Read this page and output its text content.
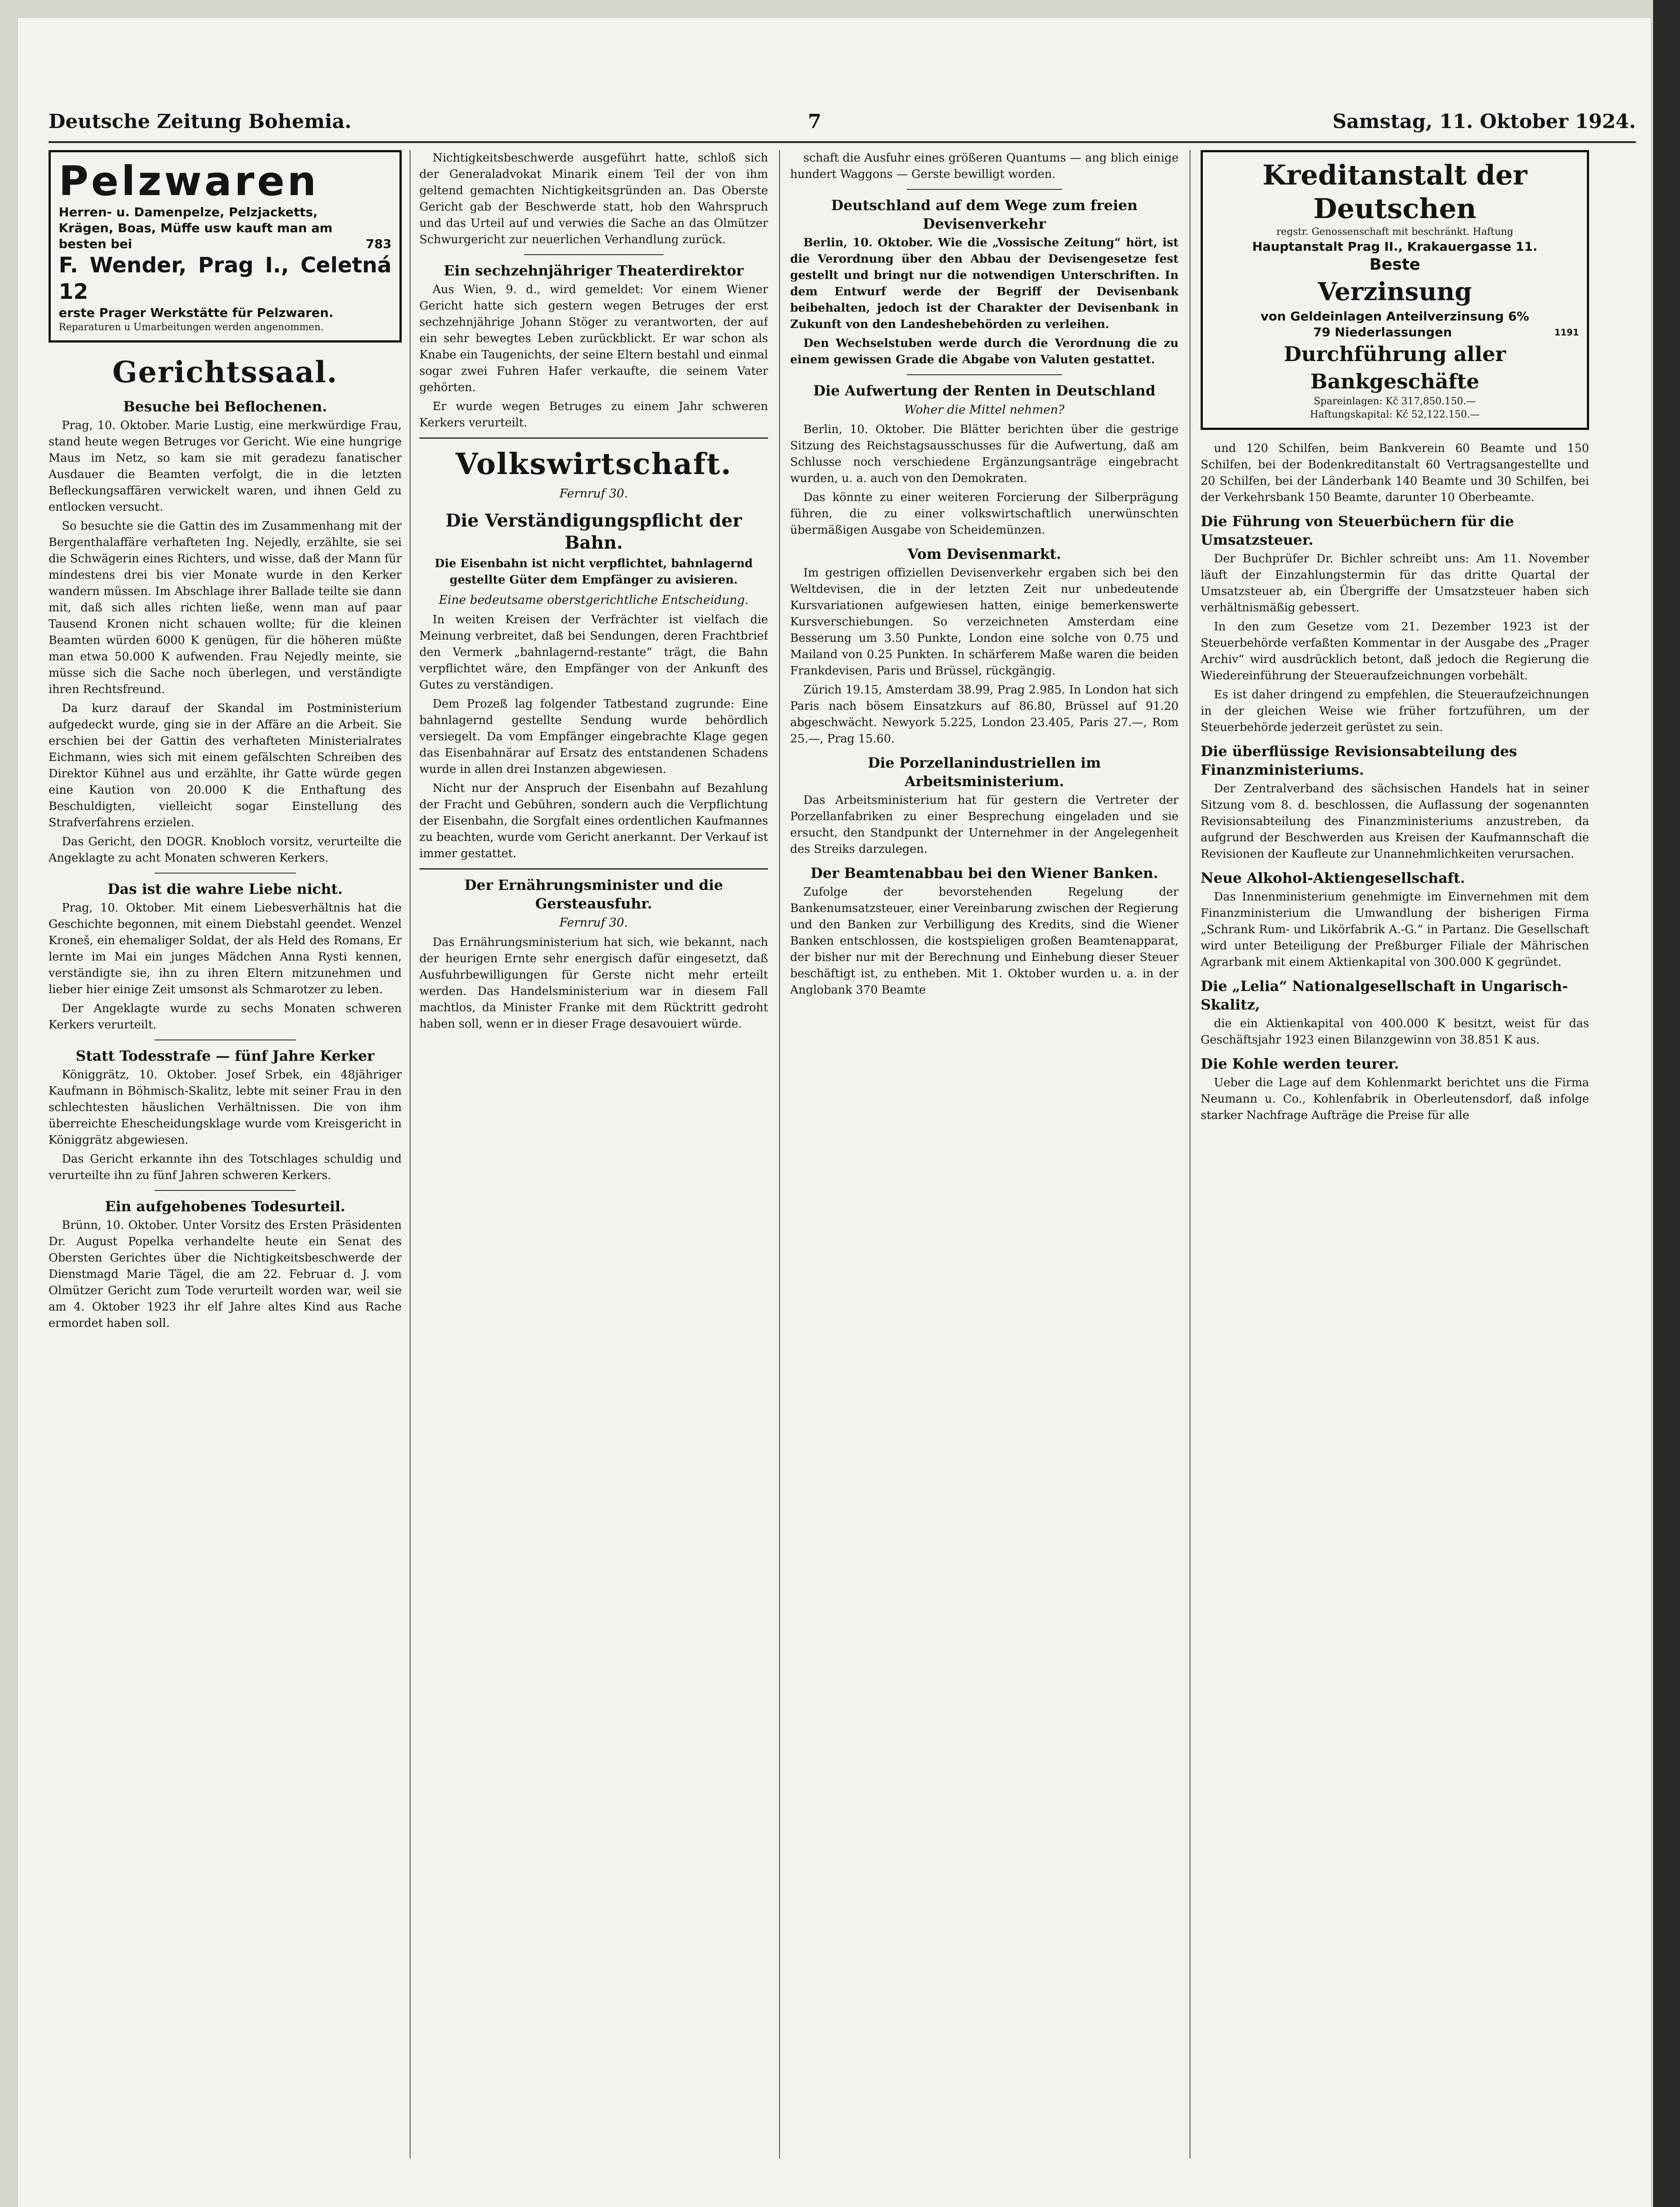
Deutsche Zeitung Bohemia.	7	Samstag, 11. Oktober 1924.
Pelzwaren
Herren- u. Damenpelze, Pelzjacketts,
Krägen, Boas, Müffe usw kauft man am
besten bei	783
F. Wender, Prag I., Celetná 12
erste Prager Werkstätte für Pelzwaren.
Reparaturen u Umarbeitungen werden angenommen.
Gerichtssaal.
Besuche bei Beflochenen.

Prag, 10. Oktober. Marie Lustig, eine merkwürdige Frau, stand heute wegen Betruges vor Gericht. Wie eine hungrige Maus im Netz, so kam sie mit geradezu fanatischer Ausdauer die Beamten verfolgt, die in die letzten Befleckungsaffären verwickelt waren, und ihnen Geld zu entlocken versucht.

So besuchte sie die Gattin des im Zusammenhang mit der Bergenthalaffäre verhafteten Ing. Nejedly, erzählte, sie sei die Schwägerin eines Richters, und wisse, daß der Mann für mindestens drei bis vier Monate wurde in den Kerker wandern müssen. Im Abschlage ihrer Ballade teilte sie dann mit, daß sich alles richten ließe, wenn man auf paar Tausend Kronen nicht schauen wollte; für die kleinen Beamten würden 6000 K genügen, für die höheren müßte man etwa 50.000 K aufwenden. Frau Nejedly meinte, sie müsse sich die Sache noch überlegen, und verständigte ihren Rechtsfreund.

Da kurz darauf der Skandal im Postministerium aufgedeckt wurde, ging sie in der Affäre an die Arbeit. Sie erschien bei der Gattin des verhafteten Ministerialrates Eichmann, wies sich mit einem gefälschten Schreiben des Direktor Kühnel aus und erzählte, ihr Gatte würde gegen eine Kaution von 20.000 K die Enthaftung des Beschuldigten, vielleicht sogar Einstellung des Strafverfahrens erzielen.

Das Gericht, den DOGR. Knobloch vorsitz, verurteilte die Angeklagte zu acht Monaten schweren Kerkers.

Das ist die wahre Liebe nicht.

Prag, 10. Oktober. Mit einem Liebesverhältnis hat die Geschichte begonnen, mit einem Diebstahl geendet. Wenzel Kroneš, ein ehemaliger Soldat, der als Held des Romans, Er lernte im Mai ein junges Mädchen Anna Rysti kennen, verständigte sie, ihn zu ihren Eltern mitzunehmen und lieber hier einige Zeit umsonst als Schmarotzer zu leben.

Der Angeklagte wurde zu sechs Monaten schweren Kerkers verurteilt.

Statt Todesstrafe — fünf Jahre Kerker

Königgrätz, 10. Oktober. Josef Srbek, ein 48jähriger Kaufmann in Böhmisch-Skalitz, lebte mit seiner Frau in den schlechtesten häuslichen Verhältnissen. Die von ihm überreichte Ehescheidungsklage wurde vom Kreisgericht in Königgrätz abgewiesen.

Das Gericht erkannte ihn des Totschlages schuldig und verurteilte ihn zu fünf Jahren schweren Kerkers.

Ein aufgehobenes Todesurteil.

Brünn, 10. Oktober. Unter Vorsitz des Ersten Präsidenten Dr. August Popelka verhandelte heute ein Senat des Obersten Gerichtes über die Nichtigkeitsbeschwerde der Dienstmagd Marie Tägel, die am 22. Februar d. J. vom Olmützer Gericht zum Tode verurteilt worden war, weil sie am 4. Oktober 1923 ihr elf Jahre altes Kind aus Rache ermordet haben soll.

Nichtigkeitsbeschwerde ausgeführt hatte, schloß sich der Generaladvokat Minarik einem Teil der von ihm geltend gemachten Nichtigkeitsgründen an. Das Oberste Gericht gab der Beschwerde statt, hob den Wahrspruch und das Urteil auf und verwies die Sache an das Olmützer Schwurgericht zur neuerlichen Verhandlung zurück.

Ein sechzehnjähriger Theaterdirektor

Aus Wien, 9. d., wird gemeldet: Vor einem Wiener Gericht hatte sich gestern wegen Betruges der erst sechzehnjährige Johann Stöger zu verantworten, der auf ein sehr bewegtes Leben zurückblickt. Er war schon als Knabe ein Taugenichts, der seine Eltern bestahl und einmal sogar zwei Fuhren Hafer verkaufte, die seinem Vater gehörten.

Er wurde wegen Betruges zu einem Jahr schweren Kerkers verurteilt.

Volkswirtschaft.
Fernruf 30.
Die Verständigungspflicht der Bahn.
Die Eisenbahn ist nicht verpflichtet, bahnlagernd gestellte Güter dem Empfänger zu avisieren.
Eine bedeutsame oberstgerichtliche Entscheidung.

In weiten Kreisen der Verfrächter ist vielfach die Meinung verbreitet, daß bei Sendungen, deren Frachtbrief den Vermerk „bahnlagernd-restante“ trägt, die Bahn verpflichtet wäre, den Empfänger von der Ankunft des Gutes zu verständigen.

Dem Prozeß lag folgender Tatbestand zugrunde: Eine bahnlagernd gestellte Sendung wurde behördlich versiegelt. Da vom Empfänger eingebrachte Klage gegen das Eisenbahnärar auf Ersatz des entstandenen Schadens wurde in allen drei Instanzen abgewiesen.

Nicht nur der Anspruch der Eisenbahn auf Bezahlung der Fracht und Gebühren, sondern auch die Verpflichtung der Eisenbahn, die Sorgfalt eines ordentlichen Kaufmannes zu beachten, wurde vom Gericht anerkannt. Der Verkauf ist immer gestattet.

Der Ernährungsminister und die Gersteausfuhr.
Fernruf 30.

Das Ernährungsministerium hat sich, wie bekannt, nach der heurigen Ernte sehr energisch dafür eingesetzt, daß Ausfuhrbewilligungen für Gerste nicht mehr erteilt werden. Das Handelsministerium war in diesem Fall machtlos, da Minister Franke mit dem Rücktritt gedroht haben soll, wenn er in dieser Frage desavouiert würde.

schaft die Ausfuhr eines größeren Quantums — ang blich einige hundert Waggons — Gerste bewilligt worden.

Deutschland auf dem Wege zum freien Devisenverkehr

Berlin, 10. Oktober. Wie die „Vossische Zeitung“ hört, ist die Verordnung über den Abbau der Devisengesetze fest gestellt und bringt nur die notwendigen Unterschriften. In dem Entwurf werde der Begriff der Devisenbank beibehalten, jedoch ist der Charakter der Devisenbank in Zukunft von den Landeshebehörden zu verleihen.

Den Wechselstuben werde durch die Verordnung die zu einem gewissen Grade die Abgabe von Valuten gestattet.

Die Aufwertung der Renten in Deutschland
Woher die Mittel nehmen?

Berlin, 10. Oktober. Die Blätter berichten über die gestrige Sitzung des Reichstagsausschusses für die Aufwertung, daß am Schlusse noch verschiedene Ergänzungsanträge eingebracht wurden, u. a. auch von den Demokraten.

Das könnte zu einer weiteren Forcierung der Silberprägung führen, die zu einer volkswirtschaftlich unerwünschten übermäßigen Ausgabe von Scheidemünzen.

Vom Devisenmarkt.

Im gestrigen offiziellen Devisenverkehr ergaben sich bei den Weltdevisen, die in der letzten Zeit nur unbedeutende Kursvariationen aufgewiesen hatten, einige bemerkenswerte Kursverschiebungen. So verzeichneten Amsterdam eine Besserung um 3.50 Punkte, London eine solche von 0.75 und Mailand von 0.25 Punkten. In schärferem Maße waren die beiden Frankdevisen, Paris und Brüssel, rückgängig.

Zürich 19.15, Amsterdam 38.99, Prag 2.985. In London hat sich Paris nach bösem Einsatzkurs auf 86.80, Brüssel auf 91.20 abgeschwächt. Newyork 5.225, London 23.405, Paris 27.—, Rom 25.—, Prag 15.60.

Die Porzellanindustriellen im Arbeitsministerium.

Das Arbeitsministerium hat für gestern die Vertreter der Porzellanfabriken zu einer Besprechung eingeladen und sie ersucht, den Standpunkt der Unternehmer in der Angelegenheit des Streiks darzulegen.

Der Beamtenabbau bei den Wiener Banken.

Zufolge der bevorstehenden Regelung der Bankenumsatzsteuer, einer Vereinbarung zwischen der Regierung und den Banken zur Verbilligung des Kredits, sind die Wiener Banken entschlossen, die kostspieligen großen Beamtenapparat, der bisher nur mit der Berechnung und Einhebung dieser Steuer beschäftigt ist, zu entheben. Mit 1. Oktober wurden u. a. in der Anglobank 370 Beamte

Kreditanstalt der Deutschen
regstr. Genossenschaft mit beschränkt. Haftung
Hauptanstalt Prag II., Krakauergasse 11.
Beste
Verzinsung
von Geldeinlagen Anteilverzinsung 6%
79 Niederlassungen	1191
Durchführung aller Bankgeschäfte
Spareinlagen: Kč 317,850.150.—
Haftungskapital: Kč 52,122.150.—

und 120 Schilfen, beim Bankverein 60 Beamte und 150 Schilfen, bei der Bodenkreditanstalt 60 Vertragsangestellte und 20 Schilfen, bei der Länderbank 140 Beamte und 30 Schilfen, bei der Verkehrsbank 150 Beamte, darunter 10 Oberbeamte.

Die Führung von Steuerbüchern für die Umsatzsteuer.

Der Buchprüfer Dr. Bichler schreibt uns: Am 11. November läuft der Einzahlungstermin für das dritte Quartal der Umsatzsteuer ab, ein Übergriffe der Umsatzsteuer haben sich verhältnismäßig gebessert.

In den zum Gesetze vom 21. Dezember 1923 ist der Steuerbehörde verfaßten Kommentar in der Ausgabe des „Prager Archiv“ wird ausdrücklich betont, daß jedoch die Regierung die Wiedereinführung der Steueraufzeichnungen vorbehält.

Es ist daher dringend zu empfehlen, die Steueraufzeichnungen in der gleichen Weise wie früher fortzuführen, um der Steuerbehörde jederzeit gerüstet zu sein.

Die überflüssige Revisionsabteilung des Finanzministeriums.

Der Zentralverband des sächsischen Handels hat in seiner Sitzung vom 8. d. beschlossen, die Auflassung der sogenannten Revisionsabteilung des Finanzministeriums anzustreben, da aufgrund der Beschwerden aus Kreisen der Kaufmannschaft die Revisionen der Kaufleute zur Unannehmlichkeiten verursachen.

Neue Alkohol-Aktiengesellschaft.

Das Innenministerium genehmigte im Einvernehmen mit dem Finanzministerium die Umwandlung der bisherigen Firma „Schrank Rum- und Likörfabrik A.-G.“ in Partanz. Die Gesellschaft wird unter Beteiligung der Preßburger Filiale der Mährischen Agrarbank mit einem Aktienkapital von 300.000 K gegründet.

Die „Lelia“ Nationalgesellschaft in Ungarisch-Skalitz,

die ein Aktienkapital von 400.000 K besitzt, weist für das Geschäftsjahr 1923 einen Bilanzgewinn von 38.851 K aus.

Die Kohle werden teurer.

Ueber die Lage auf dem Kohlenmarkt berichtet uns die Firma Neumann u. Co., Kohlenfabrik in Oberleutensdorf, daß infolge starker Nachfrage Aufträge die Preise für alle
